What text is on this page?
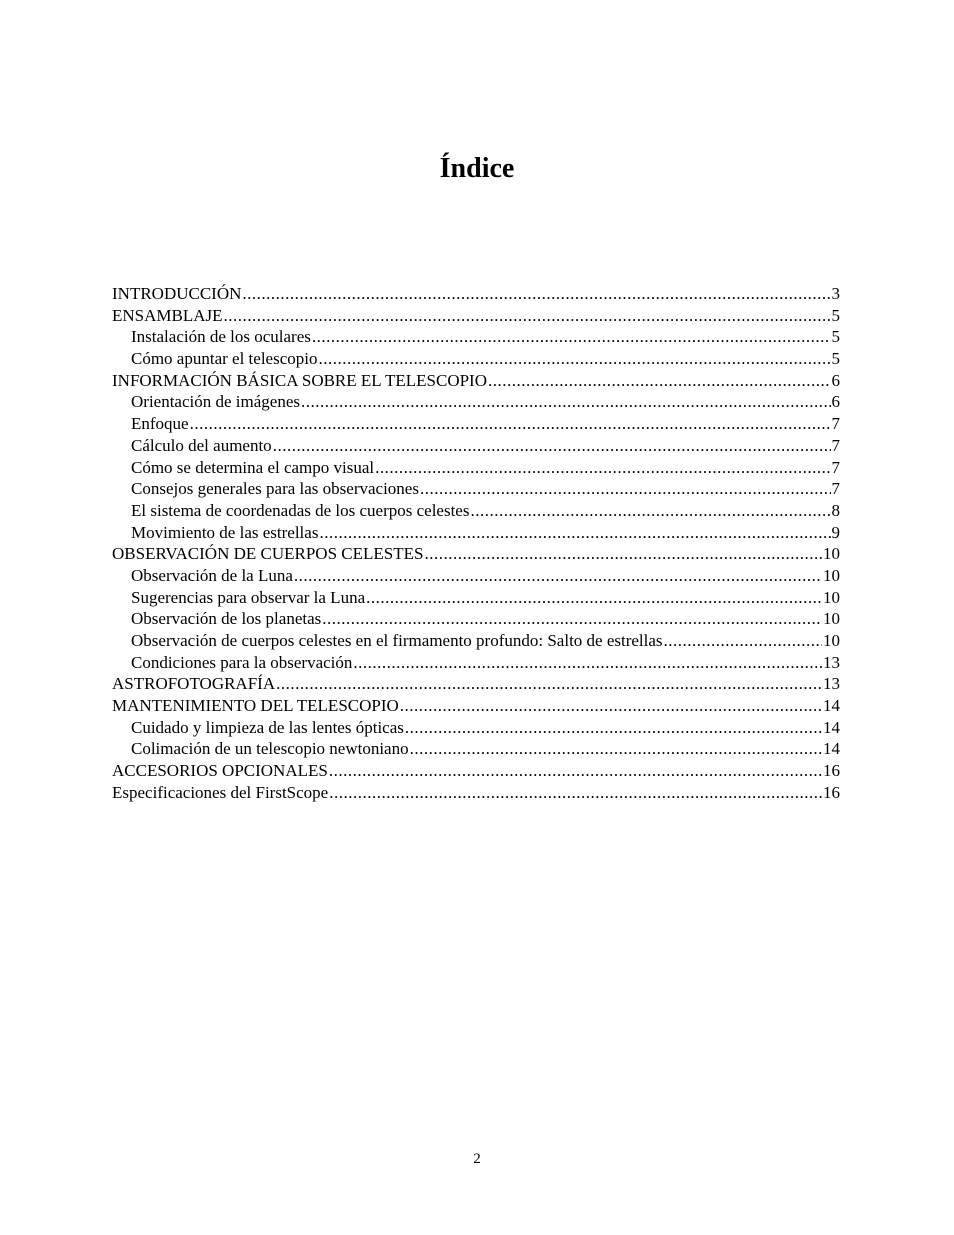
Índice
INTRODUCCIÓN .....	3
ENSAMBLAJE .....	5
Instalación de los oculares .....	5
Cómo apuntar el telescopio .....	5
INFORMACIÓN BÁSICA SOBRE EL TELESCOPIO .....	6
Orientación de imágenes .....	6
Enfoque .....	7
Cálculo del aumento .....	7
Cómo se determina el campo visual .....	7
Consejos generales para las observaciones .....	7
El sistema de coordenadas de los cuerpos celestes .....	8
Movimiento de las estrellas .....	9
OBSERVACIÓN DE CUERPOS CELESTES .....	10
Observación de la Luna .....	10
Sugerencias para observar la Luna .....	10
Observación de los planetas .....	10
Observación de cuerpos celestes en el firmamento profundo: Salto de estrellas .....	10
Condiciones para la observación .....	13
ASTROFOTOGRAFÍA .....	13
MANTENIMIENTO DEL TELESCOPIO .....	14
Cuidado y limpieza de las lentes ópticas .....	14
Colimación de un telescopio newtoniano .....	14
ACCESORIOS OPCIONALES .....	16
Especificaciones del FirstScope .....	16
2
